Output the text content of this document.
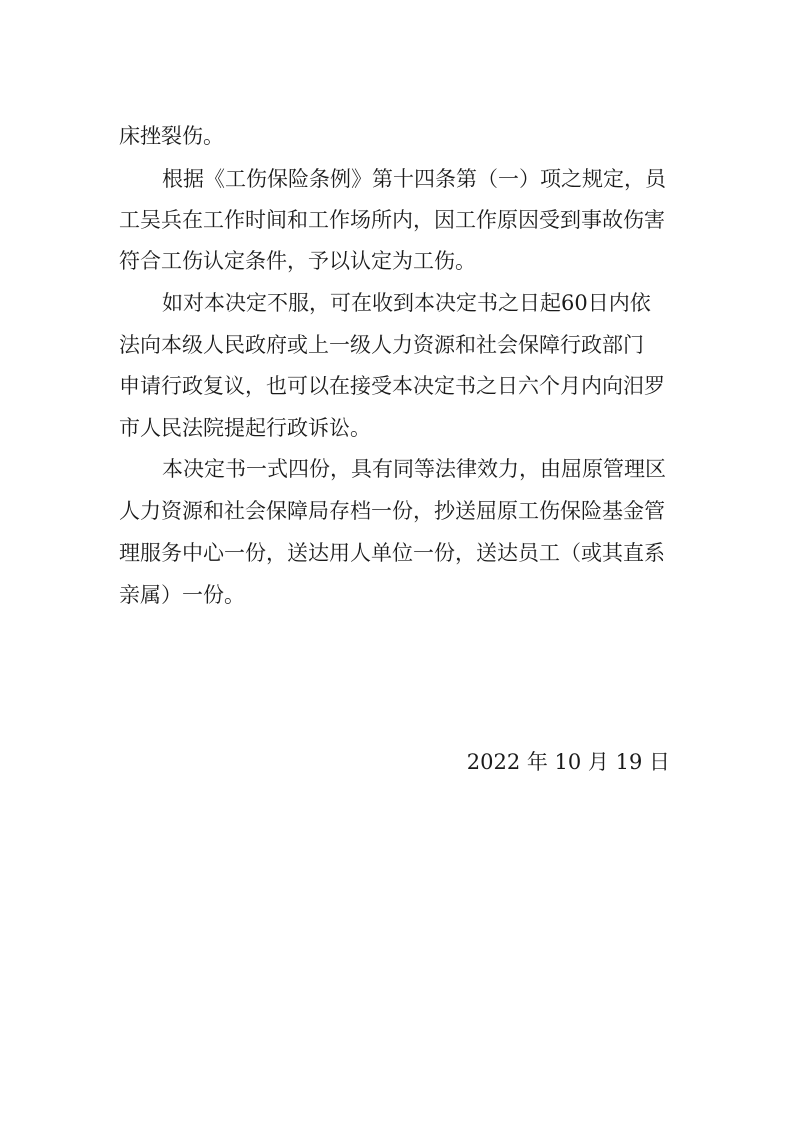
床挫裂伤。
根据《工伤保险条例》第十四条第（一）项之规定，员
工吴兵在工作时间和工作场所内，因工作原因受到事故伤害
符合工伤认定条件，予以认定为工伤。
如对本决定不服，可在收到本决定书之日起60日内依
法向本级人民政府或上一级人力资源和社会保障行政部门
申请行政复议，也可以在接受本决定书之日六个月内向汨罗
市人民法院提起行政诉讼。
本决定书一式四份，具有同等法律效力，由屈原管理区
人力资源和社会保障局存档一份，抄送屈原工伤保险基金管
理服务中心一份，送达用人单位一份，送达员工（或其直系
亲属）一份。
2022 年 10 月 19 日
